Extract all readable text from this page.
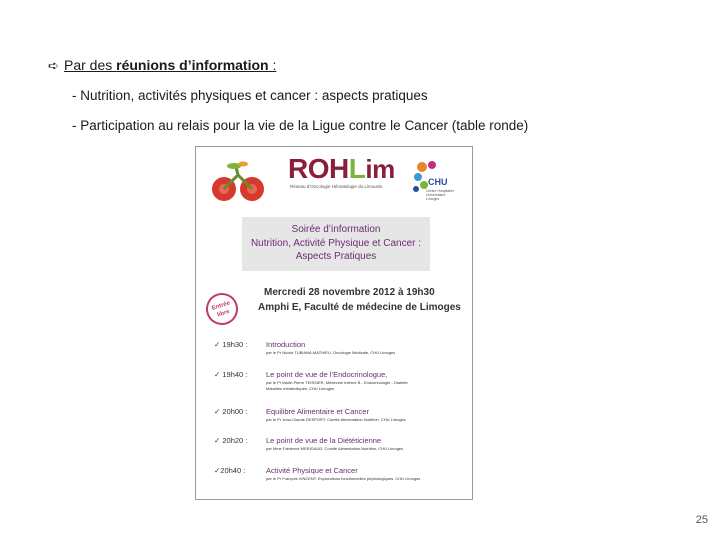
➪ Par des réunions d’information :
- Nutrition, activités physiques et cancer : aspects pratiques
- Participation au relais pour la vie de la Ligue contre le Cancer (table ronde)
ROHLim
Réseau d'Oncologie Hématologie du Limousin	CHU
Centre Hospitalier Universitaire Limoges
Soirée d’information
Nutrition, Activité Physique et Cancer :
Aspects Pratiques
Entrée libre
Mercredi 28 novembre 2012 à 19h30
Amphi E, Faculté de médecine de Limoges
✓ 19h30 :	Introduction
par le Pr Nicole TUBIANA-MATHIEU, Oncologie Médicale, CHU Limoges
✓ 19h40 :	Le point de vue de l’Endocrinologue,
par le Pr Marie-Pierre TEISSIER, Médecine Interne B - Endocrinologie - Diabète
Maladies métaboliques, CHU Limoges
✓ 20h00 :	Equilibre Alimentaire et Cancer
par le Pr Jean-Claude DESPORT, Comité Alimentation Nutrition, CHU Limoges
✓ 20h20 :	Le point de vue de la Diététicienne
par Mme Fabienne MERIGAUD, Comité Alimentation Nutrition, CHU Limoges
✓20h40 :	Activité Physique et Cancer
par le Pr François VINCENT, Explorations fonctionnelles physiologiques, CHU Limoges
25
